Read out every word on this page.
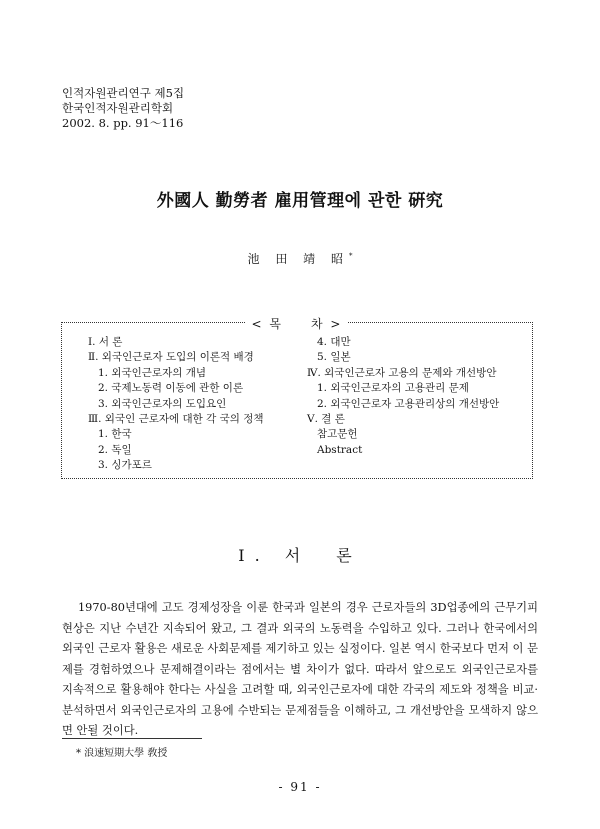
인적자원관리연구 제5집
한국인적자원관리학회
2002. 8. pp. 91～116
外國人 勤勞者 雇用管理에 관한 硏究
池 田 靖 昭*
< 목　　차 >
Ⅰ. 서 론
Ⅱ. 외국인근로자 도입의 이론적 배경
1. 외국인근로자의 개념
2. 국제노동력 이동에 관한 이론
3. 외국인근로자의 도입요인
Ⅲ. 외국인 근로자에 대한 각 국의 정책
1. 한국
2. 독일
3. 싱가포르
4. 대만
5. 일본
Ⅳ. 외국인근로자 고용의 문제와 개선방안
1. 외국인근로자의 고용관리 문제
2. 외국인근로자 고용관리상의 개선방안
Ⅴ. 결 론
참고문헌
Abstract
Ⅰ. 서　론

1970-80년대에 고도 경제성장을 이룬 한국과 일본의 경우 근로자들의 3D업종에의 근무기피 현상은 지난 수년간 지속되어 왔고, 그 결과 외국의 노동력을 수입하고 있다. 그러나 한국에서의 외국인 근로자 활용은 새로운 사회문제를 제기하고 있는 실정이다. 일본 역시 한국보다 먼저 이 문제를 경험하였으나 문제해결이라는 점에서는 별 차이가 없다. 따라서 앞으로도 외국인근로자를 지속적으로 활용해야 한다는 사실을 고려할 때, 외국인근로자에 대한 각국의 제도와 정책을 비교·분석하면서 외국인근로자의 고용에 수반되는 문제점들을 이해하고, 그 개선방안을 모색하지 않으면 안될 것이다.

* 浪速短期大學 敎授
- 91 -
